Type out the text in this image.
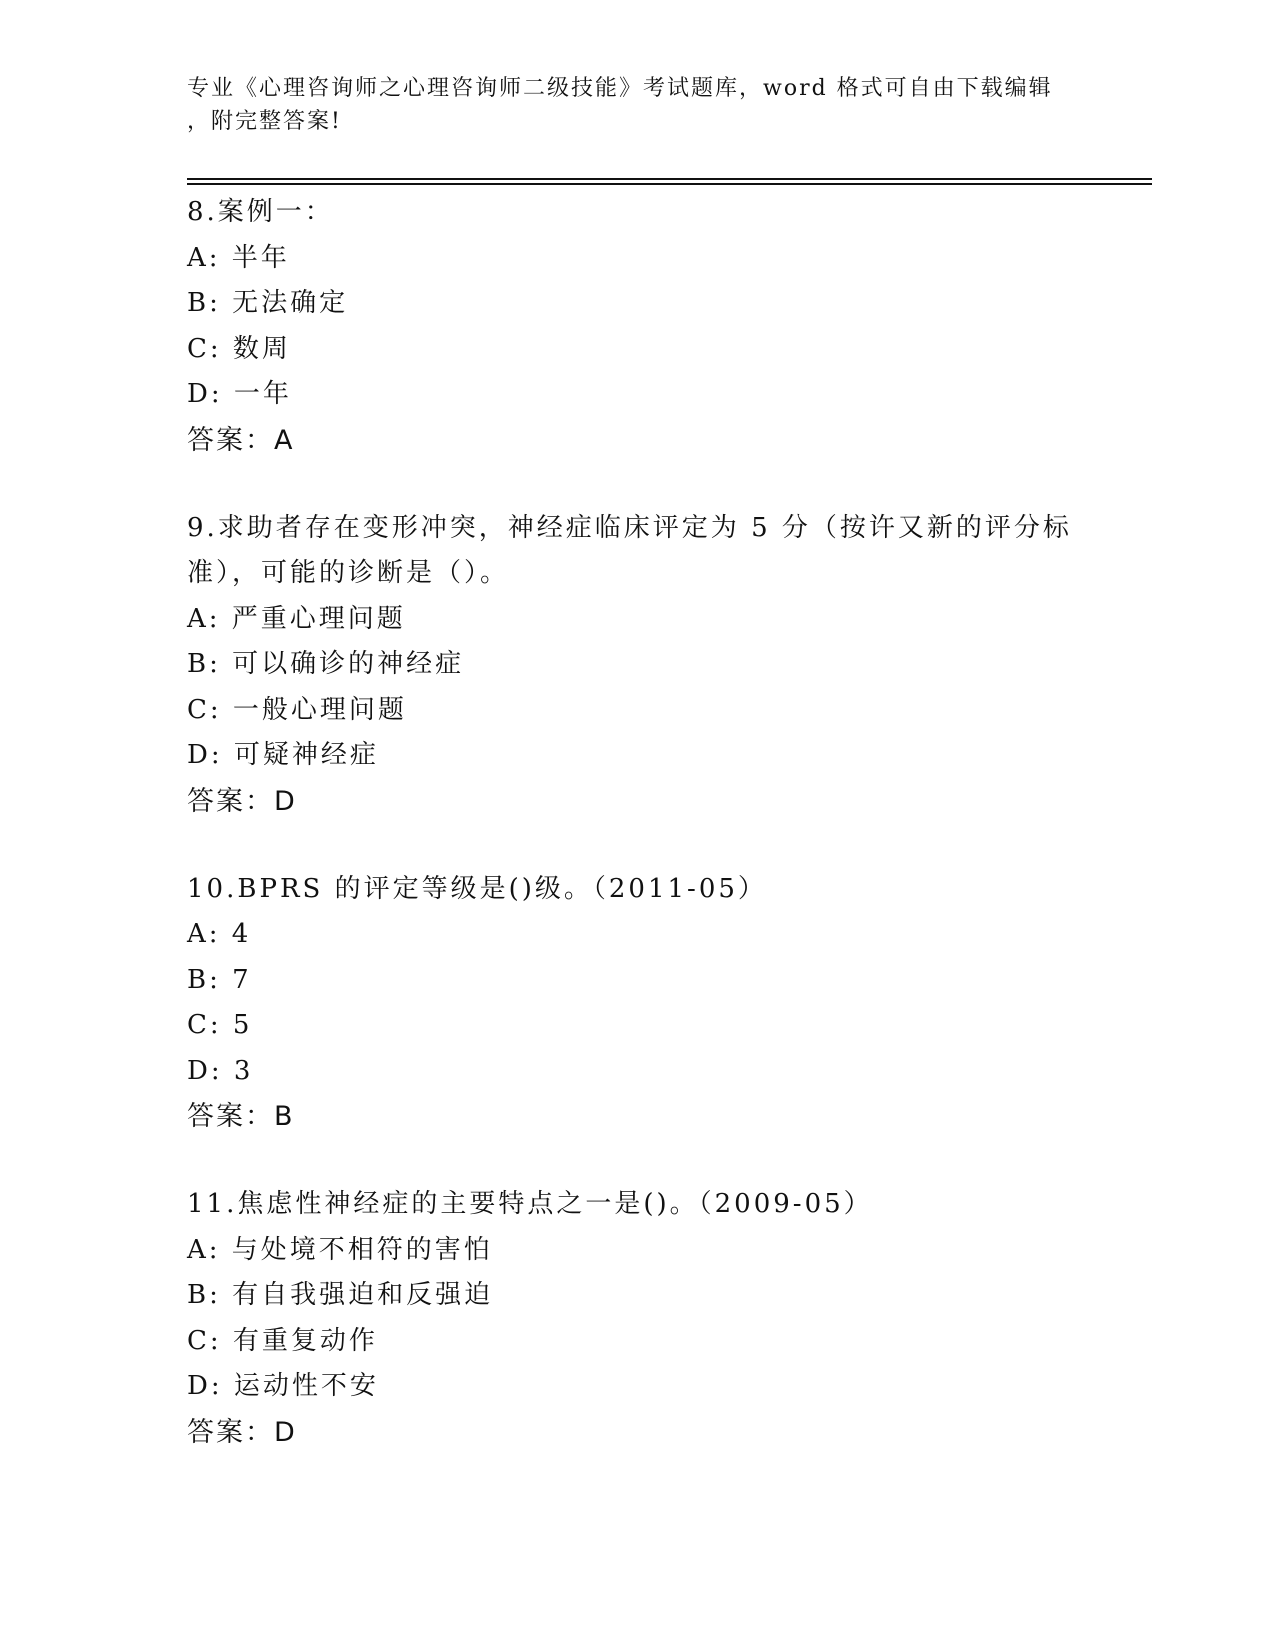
专业《心理咨询师之心理咨询师二级技能》考试题库，word 格式可自由下载编辑
，附完整答案!
8.案例一：
A: 半年
B: 无法确定
C: 数周
D: 一年
答案：A
9.求助者存在变形冲突，神经症临床评定为 5 分（按许又新的评分标
准），可能的诊断是（）。
A: 严重心理问题
B: 可以确诊的神经症
C: 一般心理问题
D: 可疑神经症
答案：D
10.BPRS 的评定等级是()级。（2011-05）
A: 4
B: 7
C: 5
D: 3
答案：B
11.焦虑性神经症的主要特点之一是()。（2009-05）
A: 与处境不相符的害怕
B: 有自我强迫和反强迫
C: 有重复动作
D: 运动性不安
答案：D
